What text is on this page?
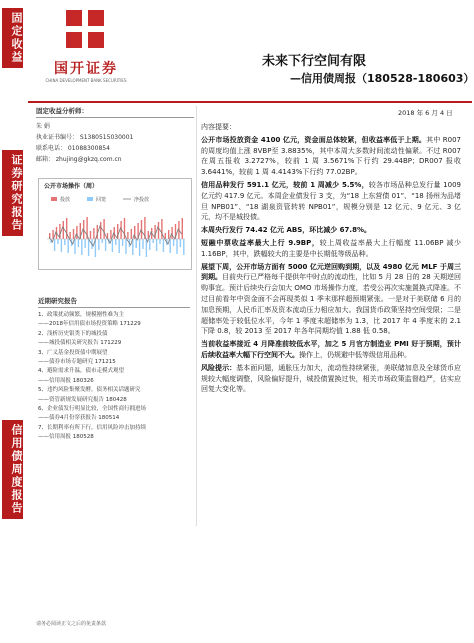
固定收益
证券研究报告
信用债周度报告
国开证券
CHINA DEVELOPMENT BANK SECURITIES
未来下行空间有限
—信用债周报（180528-180603）
固定收益分析师：
朱 娟
执业证书编号： S1380515030001
联系电话： 01088300854
邮箱： zhujing@gkzq.com.cn
投放	回笼	净投放
公开市场操作（周）
近期研究报告
1、政策扰动频繁，规模刚性难为主
——2018年信用债市场投资策略 171229
2、浅析历史银类下的城投债
——城投债相关研究报告 171229
3、广义基金投资债中期展望
——债券市场专题研究 171215
4、避险需求升温，债市走模式观望
——信用周报 180326
5、违约风险集聚发酵，债务相关话题研究
——资管新规发展研究报告 180428
6、企业债发行明显比较，全国性商行拥进场
——债券4月份穿获报告 180514
7、长期利率有所下行，信用风险冲击加持续
——信用周报 180528
2018 年 6 月 4 日

内容提要：

公开市场投放资金 4100 亿元，资金面总体较紧，但收益率低于上期。其中 R007 的周度均值上涨 8VBP至 3.8835%，其中本周大多数时间流动性偏紧。不过 R007 在周五报收 3.2727%，较前 1 周 3.5671%下行约 29.44BP；DR007 报收 3.6441%，较前 1 周 4.4143%下行约 77.02BP。

信用品种发行 591.1 亿元，较前 1 周减少 5.5%，较各市场品种总发行量 1009 亿元约 417.9 亿元。本周企业债发行 3 支，为“18 上东营债 01”、“18 扬州为品堵旦 NPB01”、“18 湖泉资管转转 NPB01”，规模分别是 12 亿元、9 亿元、3 亿元，均不是城投债。

本周央行发行 74.42 亿元 ABS，环比减少 67.8%。

短融中票收益率最大上行 9.9BP，较上周收益率最大上行幅度 11.06BP 减少 1.16BP，其中，跌幅较大的主要是中长期低等级品种。

展望下周，公开市场方面有 5000 亿元逆回购到期，以及 4980 亿元 MLF 于周三到期。目前央行已严格每千提供年中时点的流动性，比如 5 月 28 日的 28 天期逆回购事宜。预计后续央行会加大 OMO 市场操作力度，若受公再次实施置换式降准。不过目前看年中资金面不会再现类似 1 季末那样超预期紧张。一是对于美联储 6 月的加息预期，人民币汇率及资本流动压力相应加大。我国货币政策坚持空间受限；二是超储率处于较低位水平，今年 1 季度末超储率为 1.3，比 2017 年 4 季度末的 2.1 下降 0.8，较 2013 至 2017 年各年同期均值 1.88 低 0.58。

当前收益率接近 4 月降准前较低水平，加之 5 月官方制造业 PMI 好于预期，预计后续收益率大幅下行空间不大。操作上，仍规避中低等级信用品种。

风险提示：基本面问题，通胀压力加大，流动性持续紧张，美联储加息及全球货币应规较大幅度调整，风险偏好提升，城投债置换过快，相关市场政策监督趋严，估实应回复大变化等。

请务必阅读正文之后的免责条款
